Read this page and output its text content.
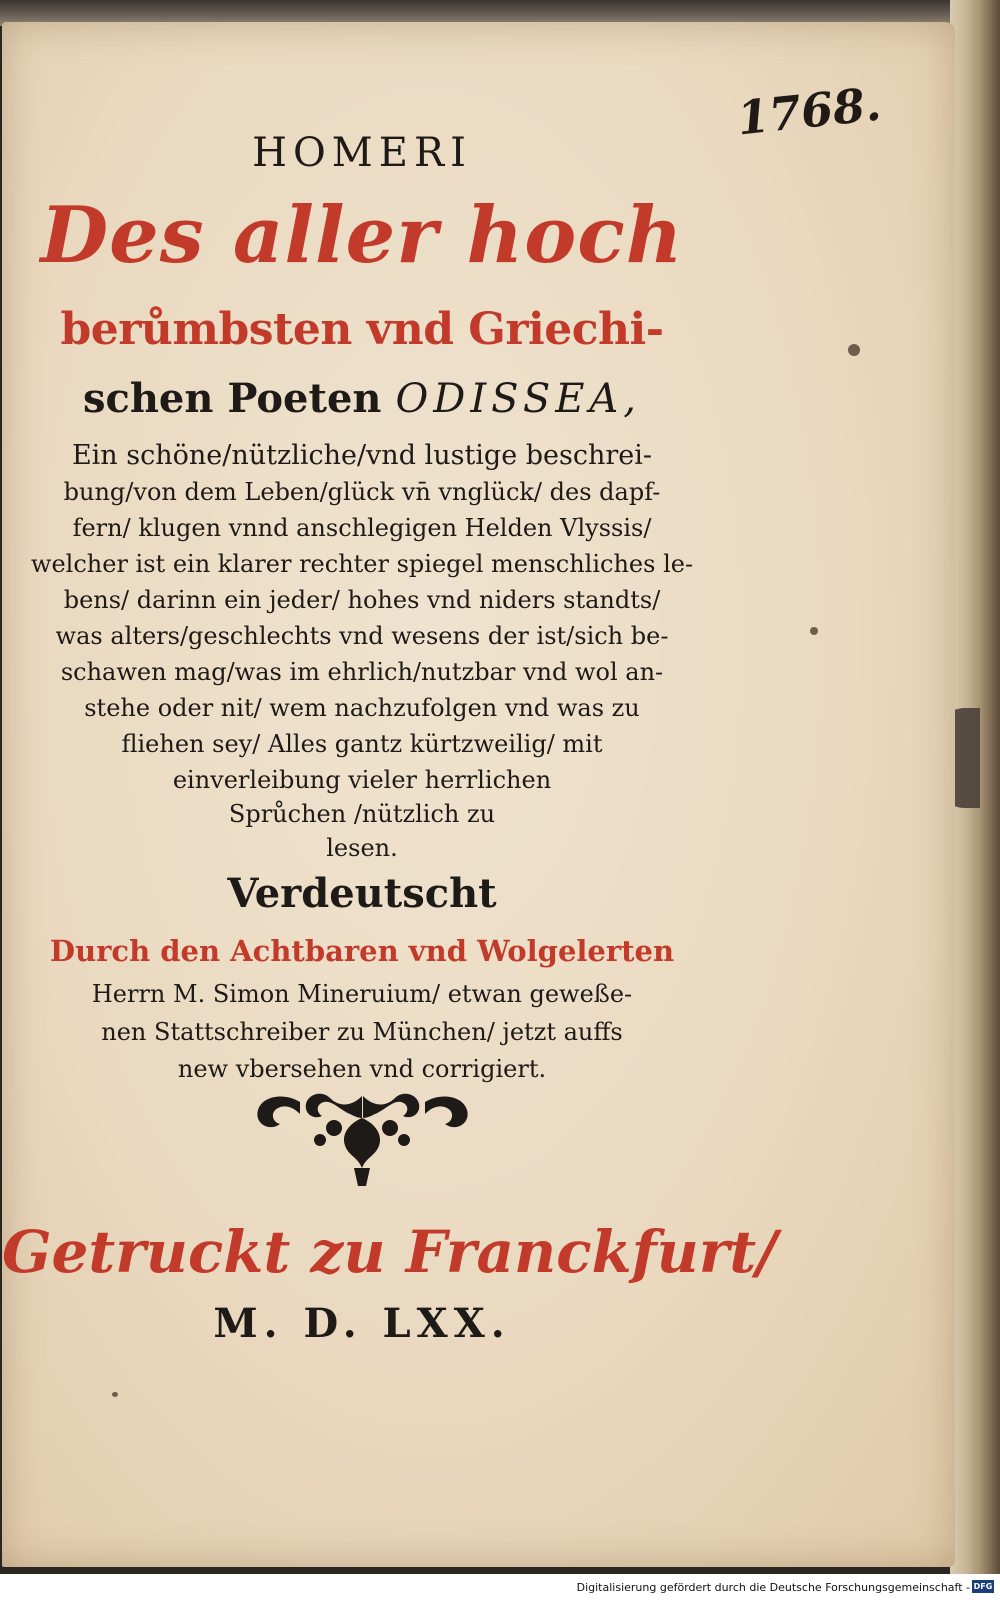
1768.
HOMERI
Des aller hoch
berůmbsten vnd Griechi-
schen Poeten ODISSEA,
Ein schöne/nützliche/vnd lustige beschrei-
bung/von dem Leben/glück vn̄ vnglück/ des dapf-
fern/ klugen vnnd anschlegigen Helden Vlyssis/
welcher ist ein klarer rechter spiegel menschliches le-
bens/ darinn ein jeder/ hohes vnd niders standts/
was alters/geschlechts vnd wesens der ist/sich be-
schawen mag/was im ehrlich/nutzbar vnd wol an-
stehe oder nit/ wem nachzufolgen vnd was zu
fliehen sey/ Alles gantz kürtzweilig/ mit
einverleibung vieler herrlichen
Sprůchen /nützlich zu
Verdeutscht
Durch den Achtbaren vnd Wolgelerten
Herrn M. Simon Mineruium/ etwan geweße-
nen Stattschreiber zu München/ jetzt auffs
new vbersehen vnd corrigiert.
Getruckt zu Franckfurt/
M. D. LXX.
lesen.
Digitalisierung gefördert durch die Deutsche Forschungsgemeinschaft - DFG
